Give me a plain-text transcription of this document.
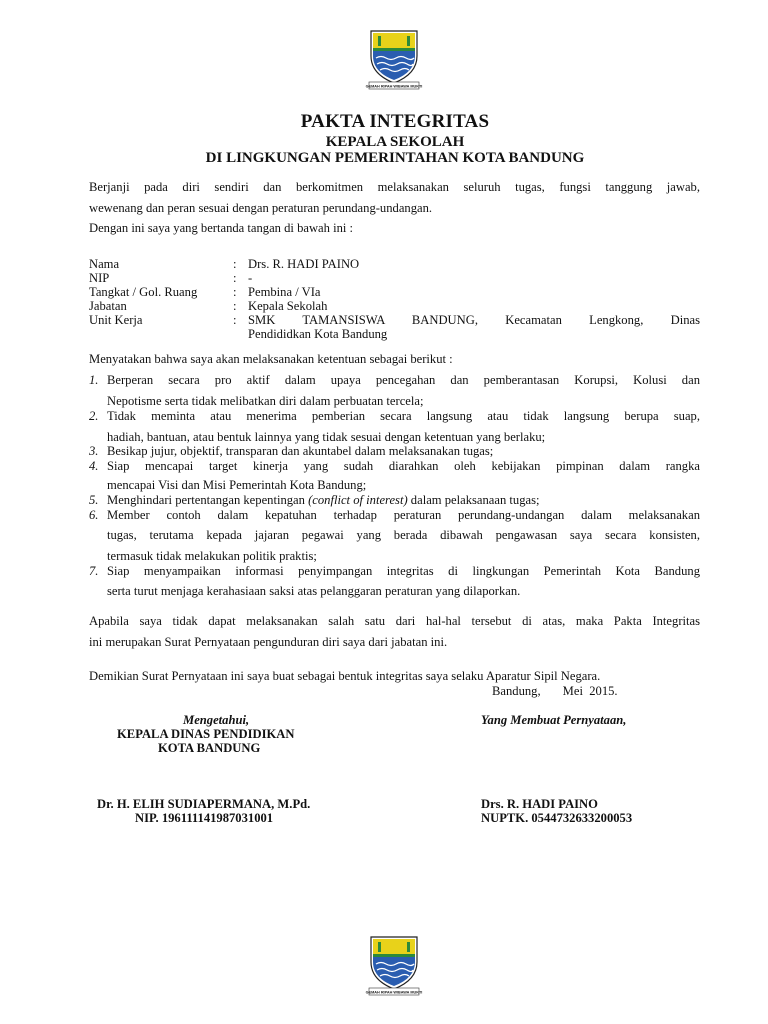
GEMAH RIPAH WIBAWA MUKTI
PAKTA INTEGRITAS
KEPALA SEKOLAH
DI LINGKUNGAN PEMERINTAHAN KOTA BANDUNG
Berjanji pada diri sendiri dan berkomitmen melaksanakan seluruh tugas, fungsi tanggung jawab,
wewenang dan peran sesuai dengan peraturan perundang-undangan.
Dengan ini saya yang bertanda tangan di bawah ini :
Nama	: Drs. R. HADI PAINO
NIP	: -
Tangkat / Gol. Ruang	: Pembina / VIa
Jabatan	: Kepala Sekolah
Unit Kerja	: SMK TAMANSISWA BANDUNG, Kecamatan Lengkong, Dinas
Pendididkan Kota Bandung
Menyatakan bahwa saya akan melaksanakan ketentuan sebagai berikut :
1. Berperan secara pro aktif dalam upaya pencegahan dan pemberantasan Korupsi, Kolusi dan
Nepotisme serta tidak melibatkan diri dalam perbuatan tercela;
2. Tidak meminta atau menerima pemberian secara langsung atau tidak langsung berupa suap,
hadiah, bantuan, atau bentuk lainnya yang tidak sesuai dengan ketentuan yang berlaku;
3. Besikap jujur, objektif, transparan dan akuntabel dalam melaksanakan tugas;
4. Siap mencapai target kinerja yang sudah diarahkan oleh kebijakan pimpinan dalam rangka
mencapai Visi dan Misi Pemerintah Kota Bandung;
5. Menghindari pertentangan kepentingan (conflict of interest) dalam pelaksanaan tugas;
6. Member contoh dalam kepatuhan terhadap peraturan perundang-undangan dalam melaksanakan
tugas, terutama kepada jajaran pegawai yang berada dibawah pengawasan saya secara konsisten,
termasuk tidak melakukan politik praktis;
7. Siap menyampaikan informasi penyimpangan integritas di lingkungan Pemerintah Kota Bandung
serta turut menjaga kerahasiaan saksi atas pelanggaran peraturan yang dilaporkan.
Apabila saya tidak dapat melaksanakan salah satu dari hal-hal tersebut di atas, maka Pakta Integritas
ini merupakan Surat Pernyataan pengunduran diri saya dari jabatan ini.
Demikian Surat Pernyataan ini saya buat sebagai bentuk integritas saya selaku Aparatur Sipil Negara.
Bandung,       Mei  2015.
Mengetahui,
KEPALA DINAS PENDIDIKAN
KOTA BANDUNG
Yang Membuat Pernyataan,
Dr. H. ELIH SUDIAPERMANA, M.Pd.
NIP. 196111141987031001
Drs. R. HADI PAINO
NUPTK. 0544732633200053
GEMAH RIPAH WIBAWA MUKTI
